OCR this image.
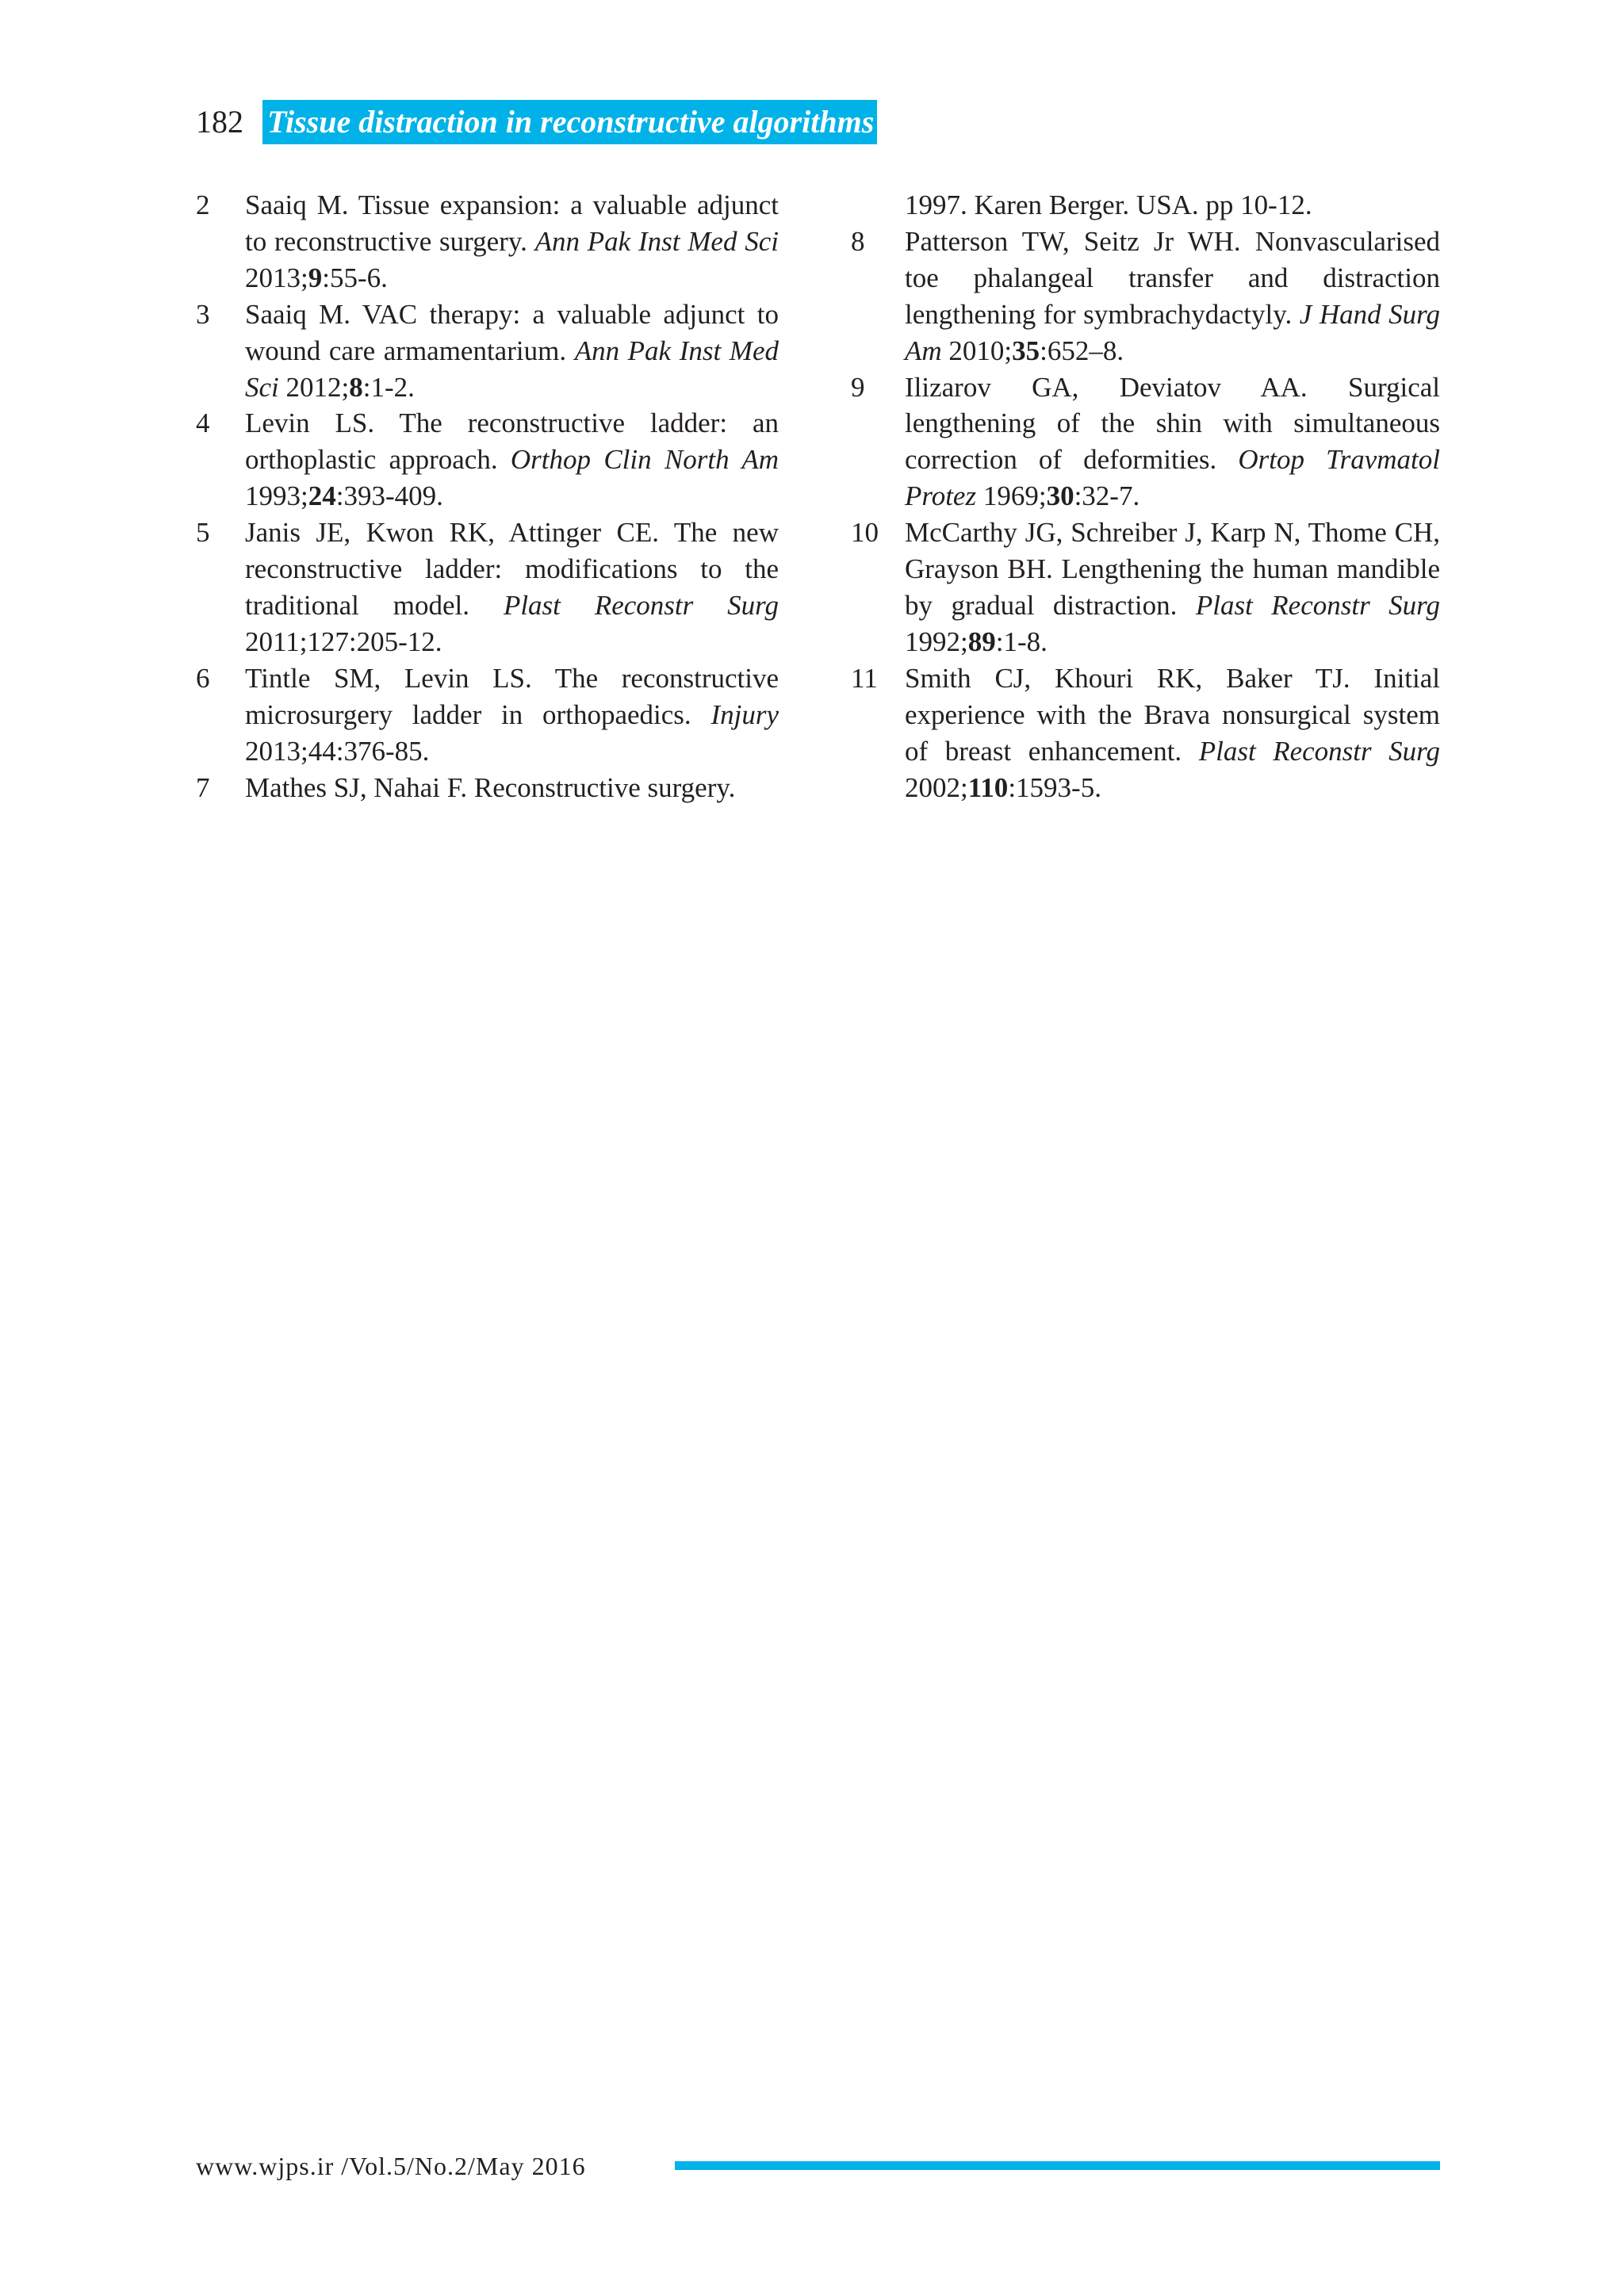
182 Tissue distraction in reconstructive algorithms
2	Saaiq M. Tissue expansion: a valuable adjunct to reconstructive surgery. Ann Pak Inst Med Sci 2013;9:55-6.
3	Saaiq M. VAC therapy: a valuable adjunct to wound care armamentarium. Ann Pak Inst Med Sci 2012;8:1-2.
4	Levin LS. The reconstructive ladder: an orthoplastic approach. Orthop Clin North Am 1993;24:393-409.
5	Janis JE, Kwon RK, Attinger CE. The new reconstructive ladder: modifications to the traditional model. Plast Reconstr Surg 2011;127:205-12.
6	Tintle SM, Levin LS. The reconstructive microsurgery ladder in orthopaedics. Injury 2013;44:376-85.
7	Mathes SJ, Nahai F. Reconstructive surgery.
1997. Karen Berger. USA. pp 10-12.
8	Patterson TW, Seitz Jr WH. Nonvascularised toe phalangeal transfer and distraction lengthening for symbrachydactyly. J Hand Surg Am 2010;35:652–8.
9	Ilizarov GA, Deviatov AA. Surgical lengthening of the shin with simultaneous correction of deformities. Ortop Travmatol Protez 1969;30:32-7.
10 McCarthy JG, Schreiber J, Karp N, Thome CH, Grayson BH. Lengthening the human mandible by gradual distraction. Plast Reconstr Surg 1992;89:1-8.
11 Smith CJ, Khouri RK, Baker TJ. Initial experience with the Brava nonsurgical system of breast enhancement. Plast Reconstr Surg 2002;110:1593-5.
www.wjps.ir /Vol.5/No.2/May 2016
